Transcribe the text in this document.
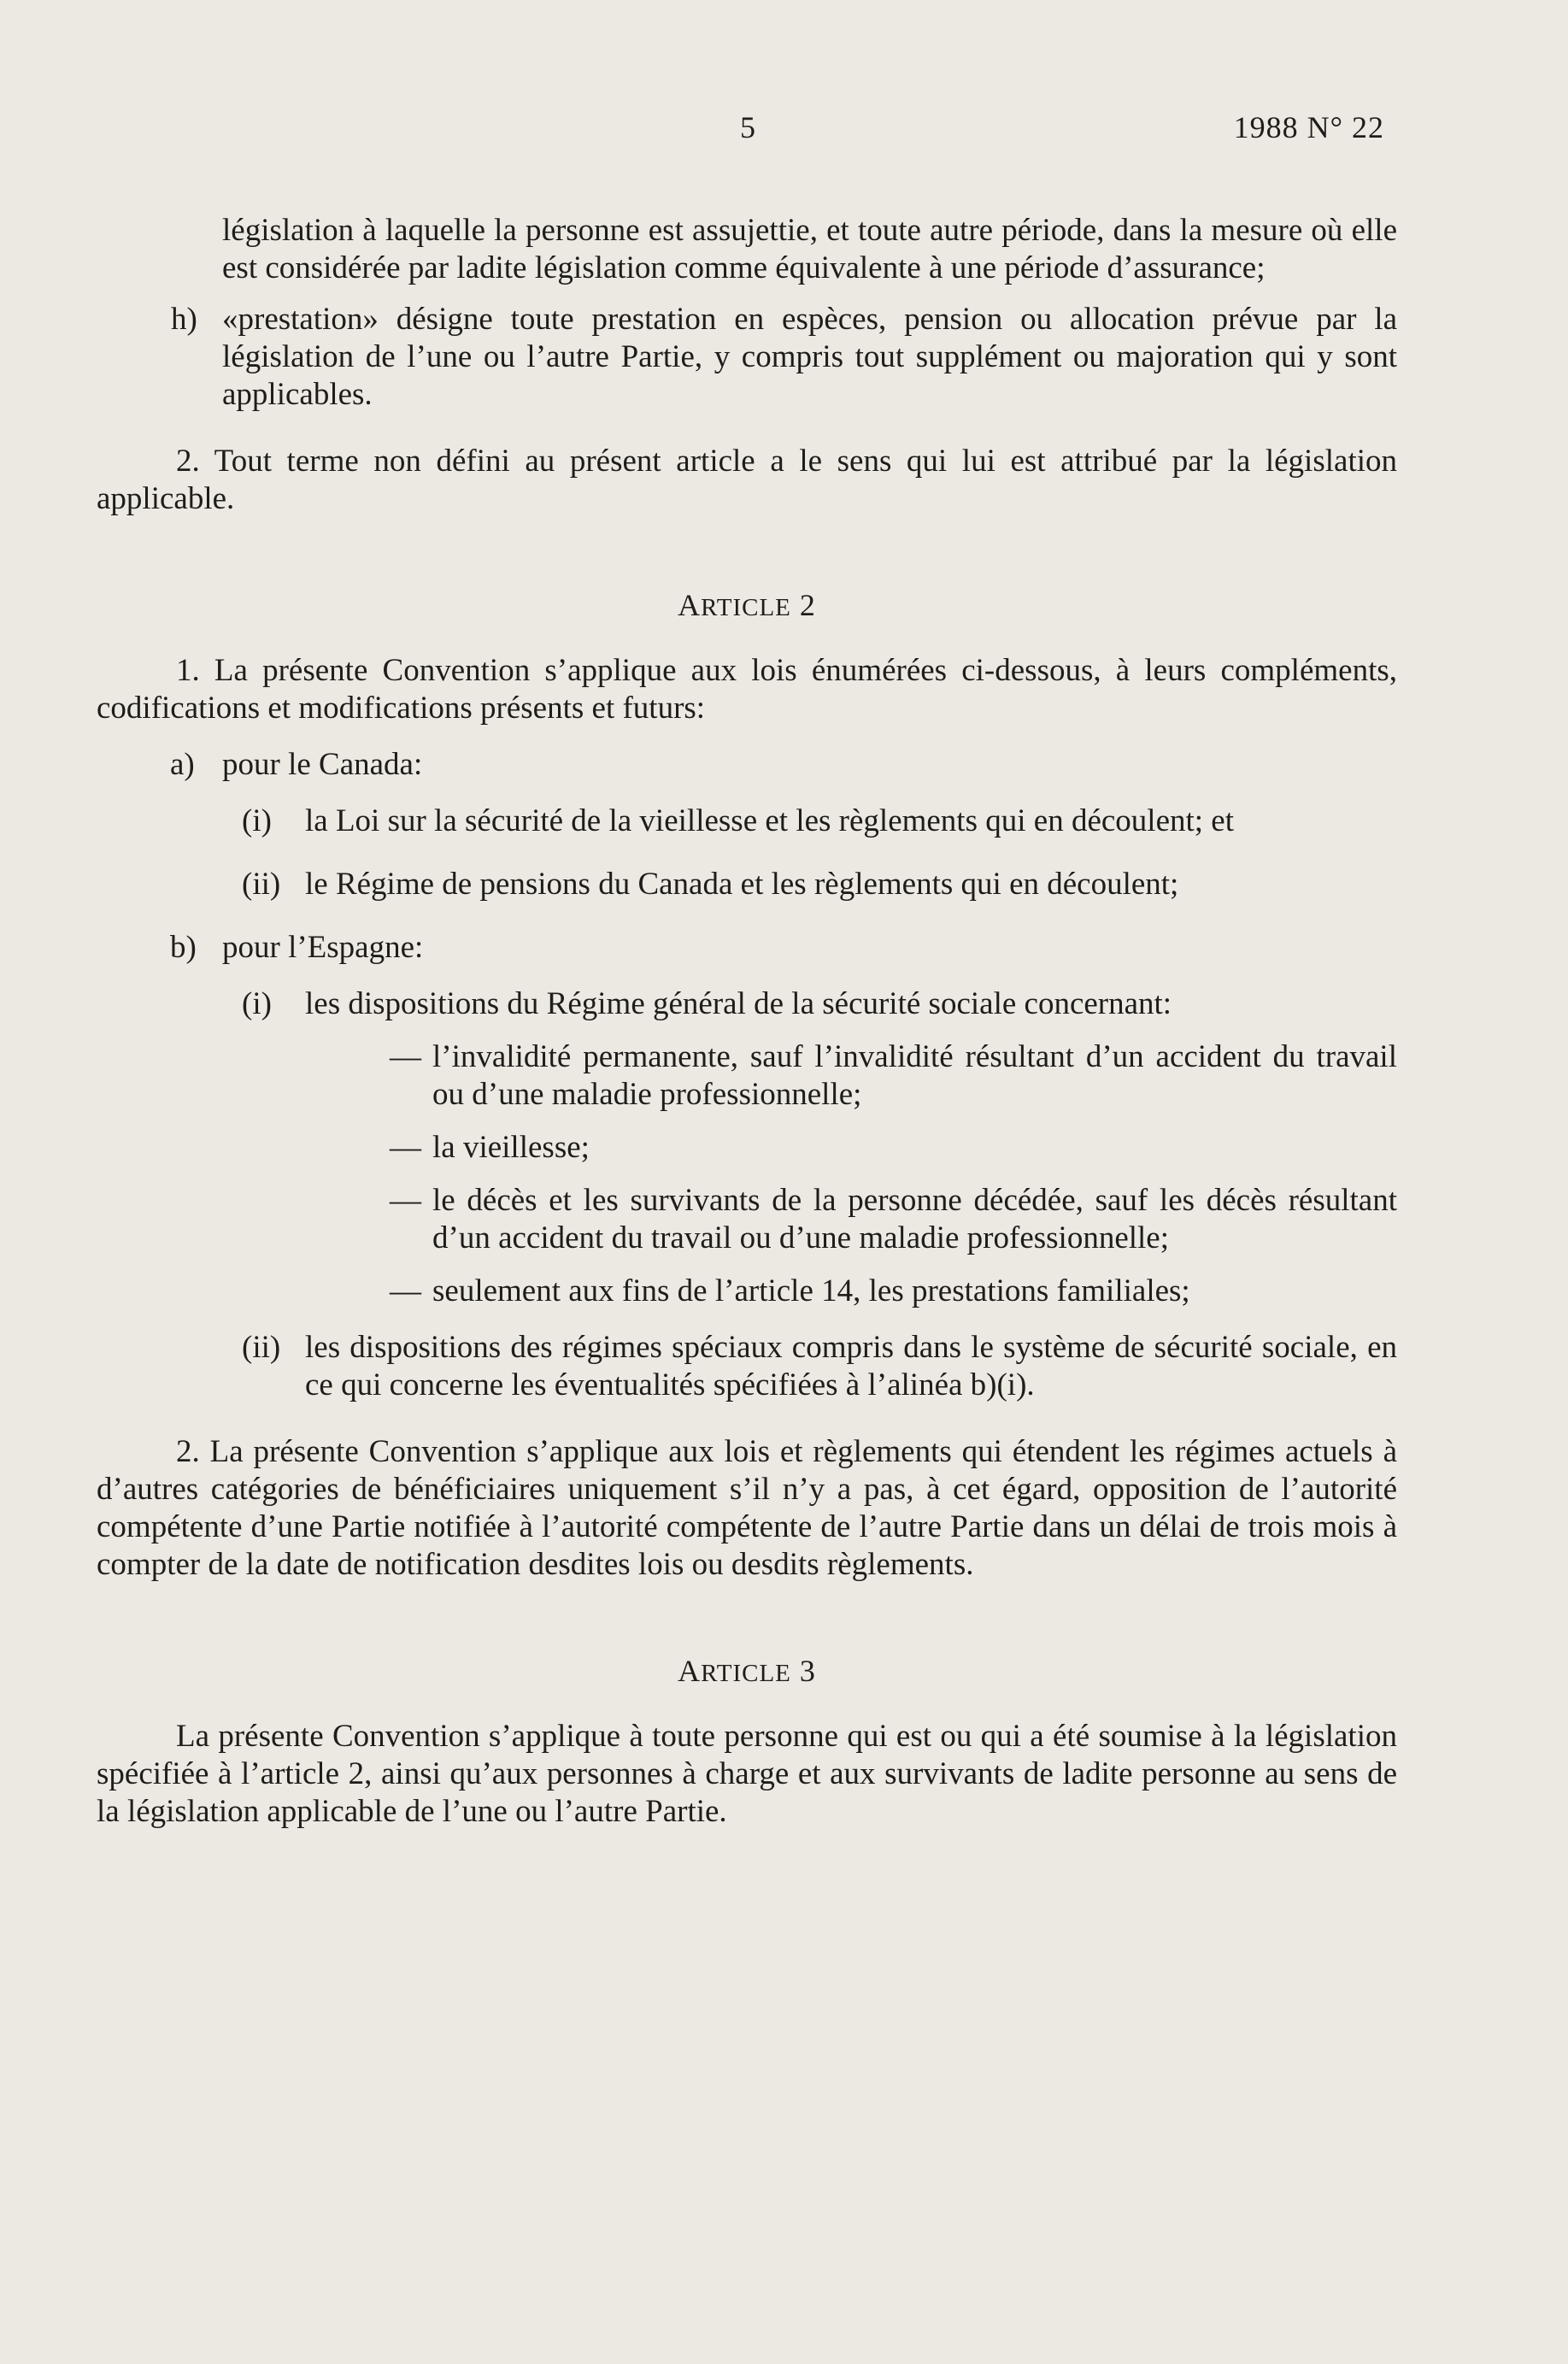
5	1988 N° 22

législation à laquelle la personne est assujettie, et toute autre période, dans la mesure où elle est considérée par ladite législation comme équivalente à une période d’assurance;

h) «prestation» désigne toute prestation en espèces, pension ou allocation prévue par la législation de l’une ou l’autre Partie, y compris tout supplément ou majoration qui y sont applicables.

2. Tout terme non défini au présent article a le sens qui lui est attribué par la législation applicable.

ARTICLE 2

1. La présente Convention s’applique aux lois énumérées ci-dessous, à leurs compléments, codifications et modifications présents et futurs:

a) pour le Canada:

(i) la Loi sur la sécurité de la vieillesse et les règlements qui en découlent; et

(ii) le Régime de pensions du Canada et les règlements qui en découlent;

b) pour l’Espagne:

(i) les dispositions du Régime général de la sécurité sociale concernant:

— l’invalidité permanente, sauf l’invalidité résultant d’un accident du travail ou d’une maladie professionnelle;

— la vieillesse;

— le décès et les survivants de la personne décédée, sauf les décès résultant d’un accident du travail ou d’une maladie professionnelle;

— seulement aux fins de l’article 14, les prestations familiales;

(ii) les dispositions des régimes spéciaux compris dans le système de sécurité sociale, en ce qui concerne les éventualités spécifiées à l’alinéa b)(i).

2. La présente Convention s’applique aux lois et règlements qui étendent les régimes actuels à d’autres catégories de bénéficiaires uniquement s’il n’y a pas, à cet égard, opposition de l’autorité compétente d’une Partie notifiée à l’autorité compétente de l’autre Partie dans un délai de trois mois à compter de la date de notification desdites lois ou desdits règlements.

ARTICLE 3

La présente Convention s’applique à toute personne qui est ou qui a été soumise à la législation spécifiée à l’article 2, ainsi qu’aux personnes à charge et aux survivants de ladite personne au sens de la législation applicable de l’une ou l’autre Partie.
